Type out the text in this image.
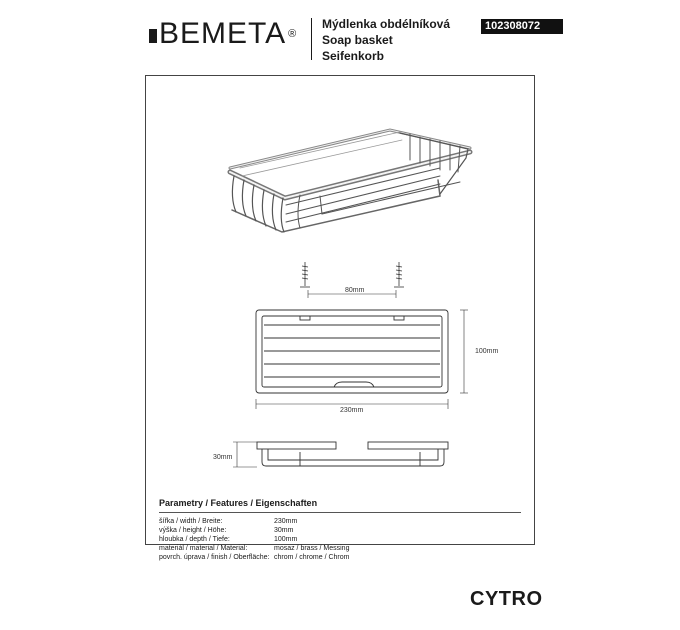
BEMETA ®
Mýdlenka obdélníková
Soap basket
Seifenkorb
102308072
80mm
100mm
230mm
30mm
Parametry / Features / Eigenschaften
šířka / width / Breite:	230mm
výška / height / Höhe:	30mm
hloubka / depth / Tiefe:	100mm
materiál / material / Material:	mosaz / brass / Messing
povrch. úprava / finish / Oberfläche: chrom / chrome / Chrom
CYTRO
